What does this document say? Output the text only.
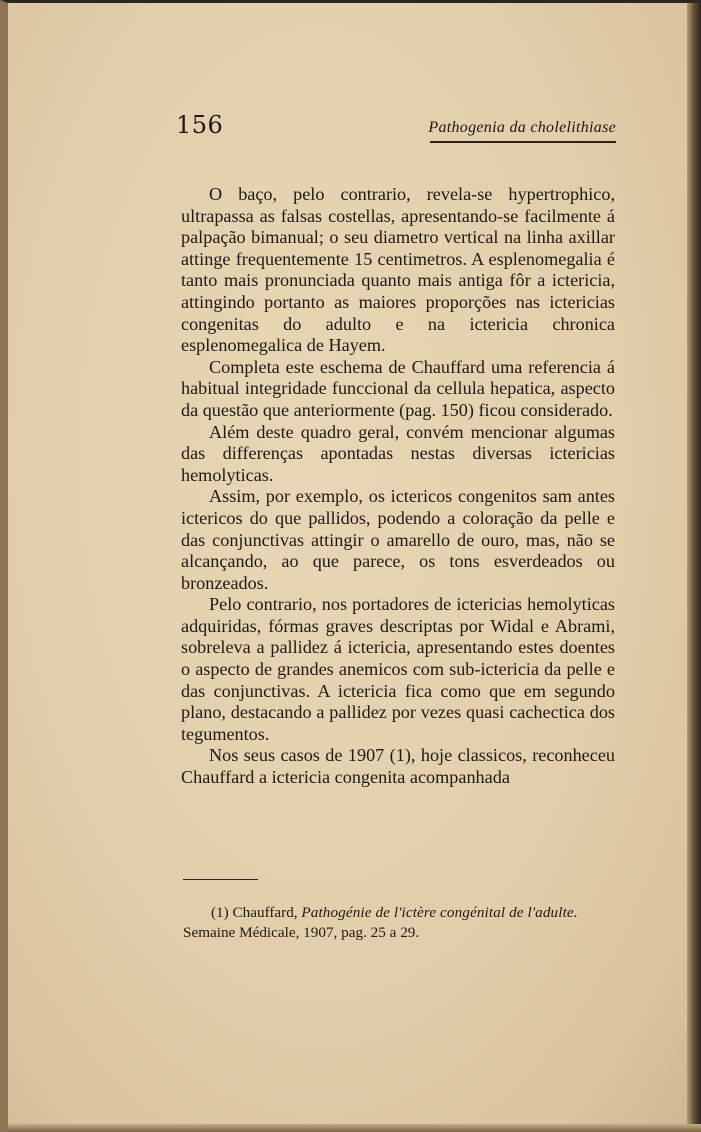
156	Pathogenia da cholelithiase

O baço, pelo contrario, revela-se hypertrophico, ultrapassa as falsas costellas, apresentando-se facilmente á palpação bimanual; o seu diametro vertical na linha axillar attinge frequentemente 15 centimetros. A esplenomegalia é tanto mais pronunciada quanto mais antiga fôr a ictericia, attingindo portanto as maiores proporções nas ictericias congenitas do adulto e na ictericia chronica esplenomegalica de Hayem.

Completa este eschema de Chauffard uma referencia á habitual integridade funccional da cellula hepatica, aspecto da questão que anteriormente (pag. 150) ficou considerado.

Além deste quadro geral, convém mencionar algumas das differenças apontadas nestas diversas ictericias hemolyticas.

Assim, por exemplo, os ictericos congenitos sam antes ictericos do que pallidos, podendo a coloração da pelle e das conjunctivas attingir o amarello de ouro, mas, não se alcançando, ao que parece, os tons esverdeados ou bronzeados.

Pelo contrario, nos portadores de ictericias hemolyticas adquiridas, fórmas graves descriptas por Widal e Abrami, sobreleva a pallidez á ictericia, apresentando estes doentes o aspecto de grandes anemicos com sub-ictericia da pelle e das conjunctivas. A ictericia fica como que em segundo plano, destacando a pallidez por vezes quasi cachectica dos tegumentos.

Nos seus casos de 1907 (1), hoje classicos, reconheceu Chauffard a ictericia congenita acompanhada

(1) Chauffard, Pathogénie de l'ictère congénital de l'adulte.
Semaine Médicale, 1907, pag. 25 a 29.
